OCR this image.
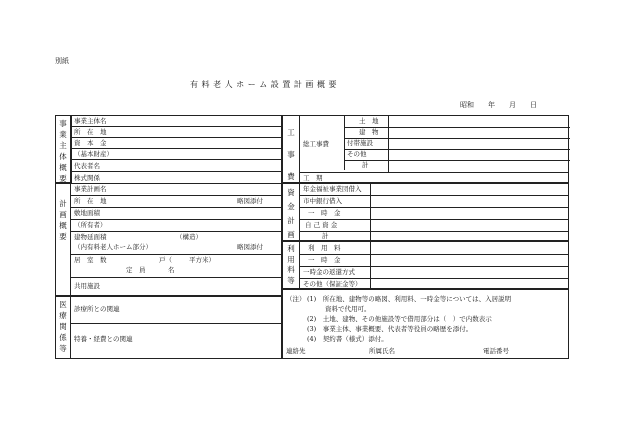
別紙
有 料 老 人 ホ ー ム 設 置 計 画 概 要
昭和　　年　　月　　日
事業主体概要
事業主体名
所　在　地
資　本　金
（基本財産）
代表者名
株式関係
計画概要
事業計画名
所　在　地	略図添付
敷地面積
（所有者）
建物延面積	（構造）
（内有料老人ホーム部分）	略図添付
居　室　数	戸（	平方米）
定　員	名
共用施設
医療関係等
診療所との関連
特養・経費との関連
工事費
総工事費
土　地
建　物
付帯施設
その他
計
工　期
資金計画
年金福祉事業団借入
市中銀行借入
一　時　金
自 己 資 金
計
利用料等
利　用　料
一　時　金
一時金の返還方式
その他（保証金等）
（注） (1)　所在地、建物等の略図、利用料、一時金等については、入居説明
資料で代用可。
(2)　土地、建物、その他施設等で借用部分は（　）で内数表示
(3)　事業主体、事業概要、代表者等役員の略歴を添付。
(4)　契約書（様式）添付。
連絡先	所属氏名	電話番号
